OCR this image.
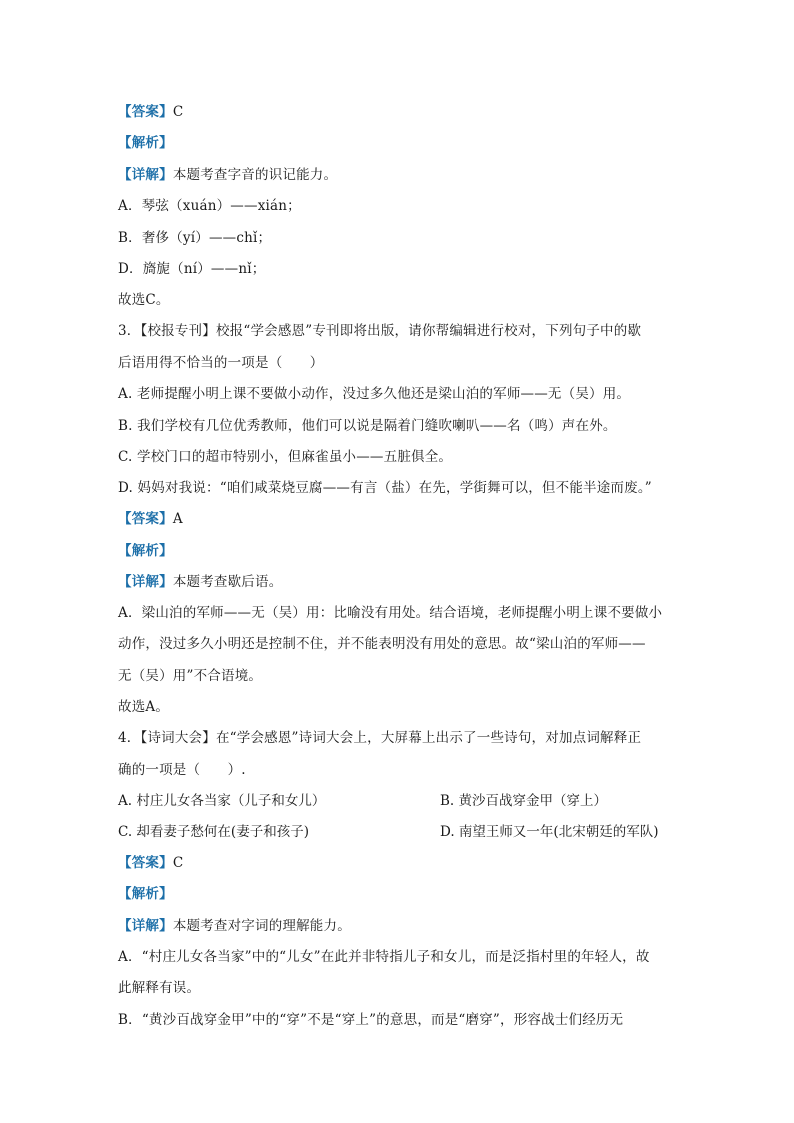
【答案】C
【解析】
【详解】本题考查字音的识记能力。
A．琴弦（xuán）——xián；
B．奢侈（yí）——chǐ；
D．旖旎（ní）——nǐ；
故选C。
3．【校报专刊】校报“学会感恩”专刊即将出版，请你帮编辑进行校对，下列句子中的歇
后语用得不恰当的一项是（　　）
A. 老师提醒小明上课不要做小动作，没过多久他还是梁山泊的军师——无（吴）用。
B. 我们学校有几位优秀教师，他们可以说是隔着门缝吹喇叭——名（鸣）声在外。
C. 学校门口的超市特别小，但麻雀虽小——五脏俱全。
D. 妈妈对我说：“咱们咸菜烧豆腐——有言（盐）在先，学街舞可以，但不能半途而废。”
【答案】A
【解析】
【详解】本题考查歇后语。
A．梁山泊的军师——无（吴）用：比喻没有用处。结合语境，老师提醒小明上课不要做小
动作，没过多久小明还是控制不住，并不能表明没有用处的意思。故“梁山泊的军师——
无（吴）用”不合语境。
故选A。
4．【诗词大会】在“学会感恩”诗词大会上，大屏幕上出示了一些诗句，对加点词解释正
确的一项是（　　）.
A. 村庄儿女各当家（儿子和女儿）	B. 黄沙百战穿金甲（穿上）
C. 却看妻子愁何在(妻子和孩子)	D. 南望王师又一年(北宋朝廷的军队)
【答案】C
【解析】
【详解】本题考查对字词的理解能力。
A．“村庄儿女各当家”中的“儿女”在此并非特指儿子和女儿，而是泛指村里的年轻人，故
此解释有误。
B．“黄沙百战穿金甲”中的“穿”不是“穿上”的意思，而是“磨穿”，形容战士们经历无
